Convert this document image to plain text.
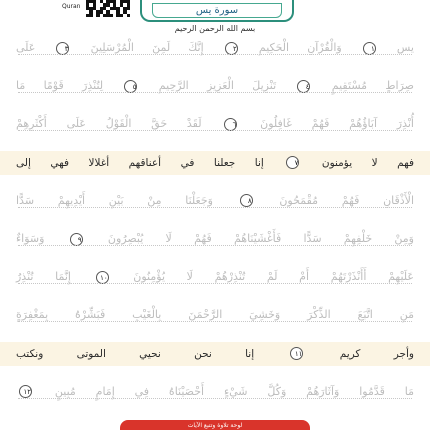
Quran	سورة يس
بسم الله الرحمن الرحيم
يس ١ وَالْقُرْآنِ الْحَكِيمِ ٢ إِنَّكَ لَمِنَ الْمُرْسَلِينَ ٣ عَلَى
صِرَاطٍ مُسْتَقِيمٍ ٤ تَنْزِيلَ الْعَزِيزِ الرَّحِيمِ ٥ لِتُنْذِرَ قَوْمًا مَا
أُنْذِرَ آبَاؤُهُمْ فَهُمْ غَافِلُونَ ٦ لَقَدْ حَقَّ الْقَوْلُ عَلَى أَكْثَرِهِمْ
فهم لا يؤمنون ٧ إنا جعلنا في أعناقهم أغلالا فهي إلى
الْأَذْقَانِ فَهُمْ مُقْمَحُونَ ٨ وَجَعَلْنَا مِنْ بَيْنِ أَيْدِيهِمْ سَدًّا
وَمِنْ خَلْفِهِمْ سَدًّا فَأَغْشَيْنَاهُمْ فَهُمْ لَا يُبْصِرُونَ ٩ وَسَوَاءٌ
عَلَيْهِمْ أَأَنْذَرْتَهُمْ أَمْ لَمْ تُنْذِرْهُمْ لَا يُؤْمِنُونَ ١٠ إِنَّمَا تُنْذِرُ
مَنِ اتَّبَعَ الذِّكْرَ وَخَشِيَ الرَّحْمَنَ بِالْغَيْبِ فَبَشِّرْهُ بِمَغْفِرَةٍ
وأجر كريم ١١ إنا نحن نحيي الموتى ونكتب
مَا قَدَّمُوا وَآثَارَهُمْ وَكُلَّ شَيْءٍ أَحْصَيْنَاهُ فِي إِمَامٍ مُبِينٍ ١٢
لوحة تلاوة وتتبع الآيات
